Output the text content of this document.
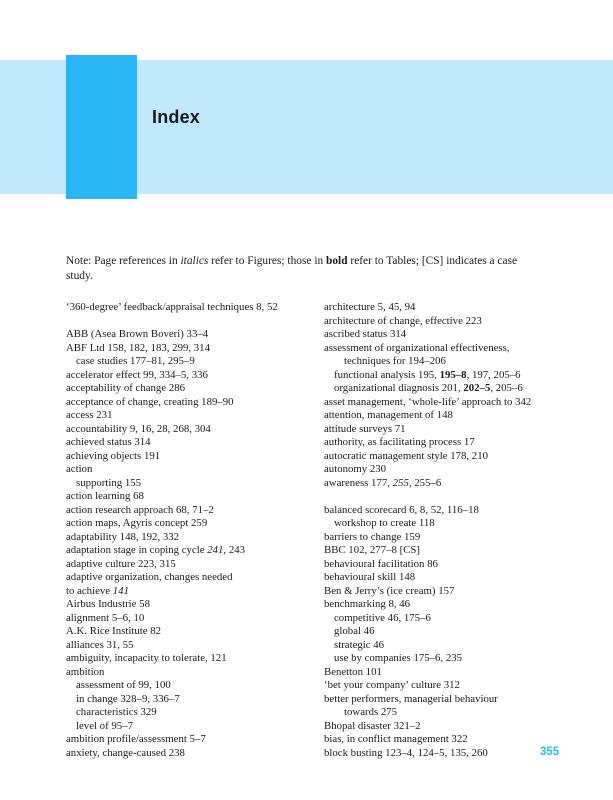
Index
Note: Page references in italics refer to Figures; those in bold refer to Tables; [CS] indicates a case study.
‘360-degree’ feedback/appraisal techniques 8, 52
ABB (Asea Brown Boveri) 33–4
ABF Ltd 158, 182, 183, 299, 314
case studies 177–81, 295–9
accelerator effect 99, 334–5, 336
acceptability of change 286
acceptance of change, creating 189–90
access 231
accountability 9, 16, 28, 268, 304
achieved status 314
achieving objects 191
action
supporting 155
action learning 68
action research approach 68, 71–2
action maps, Agyris concept 259
adaptability 148, 192, 332
adaptation stage in coping cycle 241, 243
adaptive culture 223, 315
adaptive organization, changes needed
to achieve 141
Airbus Industrie 58
alignment 5–6, 10
A.K. Rice Institute 82
alliances 31, 55
ambiguity, incapacity to tolerate, 121
ambition
assessment of 99, 100
in change 328–9, 336–7
characteristics 329
level of 95–7
ambition profile/assessment 5–7
anxiety, change-caused 238
architecture 5, 45, 94
architecture of change, effective 223
ascribed status 314
assessment of organizational effectiveness,
techniques for 194–206
functional analysis 195, 195–8, 197, 205–6
organizational diagnosis 201, 202–5, 205–6
asset management, ‘whole-life’ approach to 342
attention, management of 148
attitude surveys 71
authority, as facilitating process 17
autocratic management style 178, 210
autonomy 230
awareness 177, 255, 255–6
balanced scorecard 6, 8, 52, 116–18
workshop to create 118
barriers to change 159
BBC 102, 277–8 [CS]
behavioural facilitation 86
behavioural skill 148
Ben & Jerry’s (ice cream) 157
benchmarking 8, 46
competitive 46, 175–6
global 46
strategic 46
use by companies 175–6, 235
Benetton 101
‘bet your company’ culture 312
better performers, managerial behaviour
towards 275
Bhopal disaster 321–2
bias, in conflict management 322
block busting 123–4, 124–5, 135, 260	355
